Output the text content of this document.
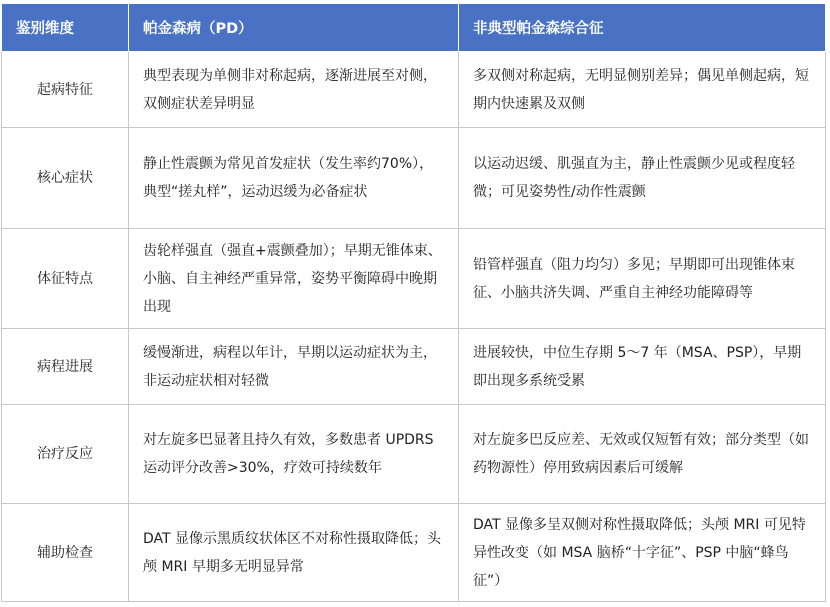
鉴别维度	帕金森病（PD）	非典型帕金森综合征
起病特征	典型表现为单侧非对称起病，逐渐进展至对侧，双侧症状差异明显	多双侧对称起病，无明显侧别差异；偶见单侧起病，短期内快速累及双侧
核心症状	静止性震颤为常见首发症状（发生率约70%），典型“搓丸样”，运动迟缓为必备症状	以运动迟缓、肌强直为主，静止性震颤少见或程度轻微；可见姿势性/动作性震颤
体征特点	齿轮样强直（强直+震颤叠加）；早期无锥体束、小脑、自主神经严重异常，姿势平衡障碍中晚期出现	铅管样强直（阻力均匀）多见；早期即可出现锥体束征、小脑共济失调、严重自主神经功能障碍等
病程进展	缓慢渐进，病程以年计，早期以运动症状为主，非运动症状相对轻微	进展较快，中位生存期 5～7 年（MSA、PSP），早期即出现多系统受累
治疗反应	对左旋多巴显著且持久有效，多数患者 UPDRS 运动评分改善>30%，疗效可持续数年	对左旋多巴反应差、无效或仅短暂有效；部分类型（如药物源性）停用致病因素后可缓解
辅助检查	DAT 显像示黑质纹状体区不对称性摄取降低；头颅 MRI 早期多无明显异常	DAT 显像多呈双侧对称性摄取降低；头颅 MRI 可见特异性改变（如 MSA 脑桥“十字征”、PSP 中脑“蜂鸟征”）
